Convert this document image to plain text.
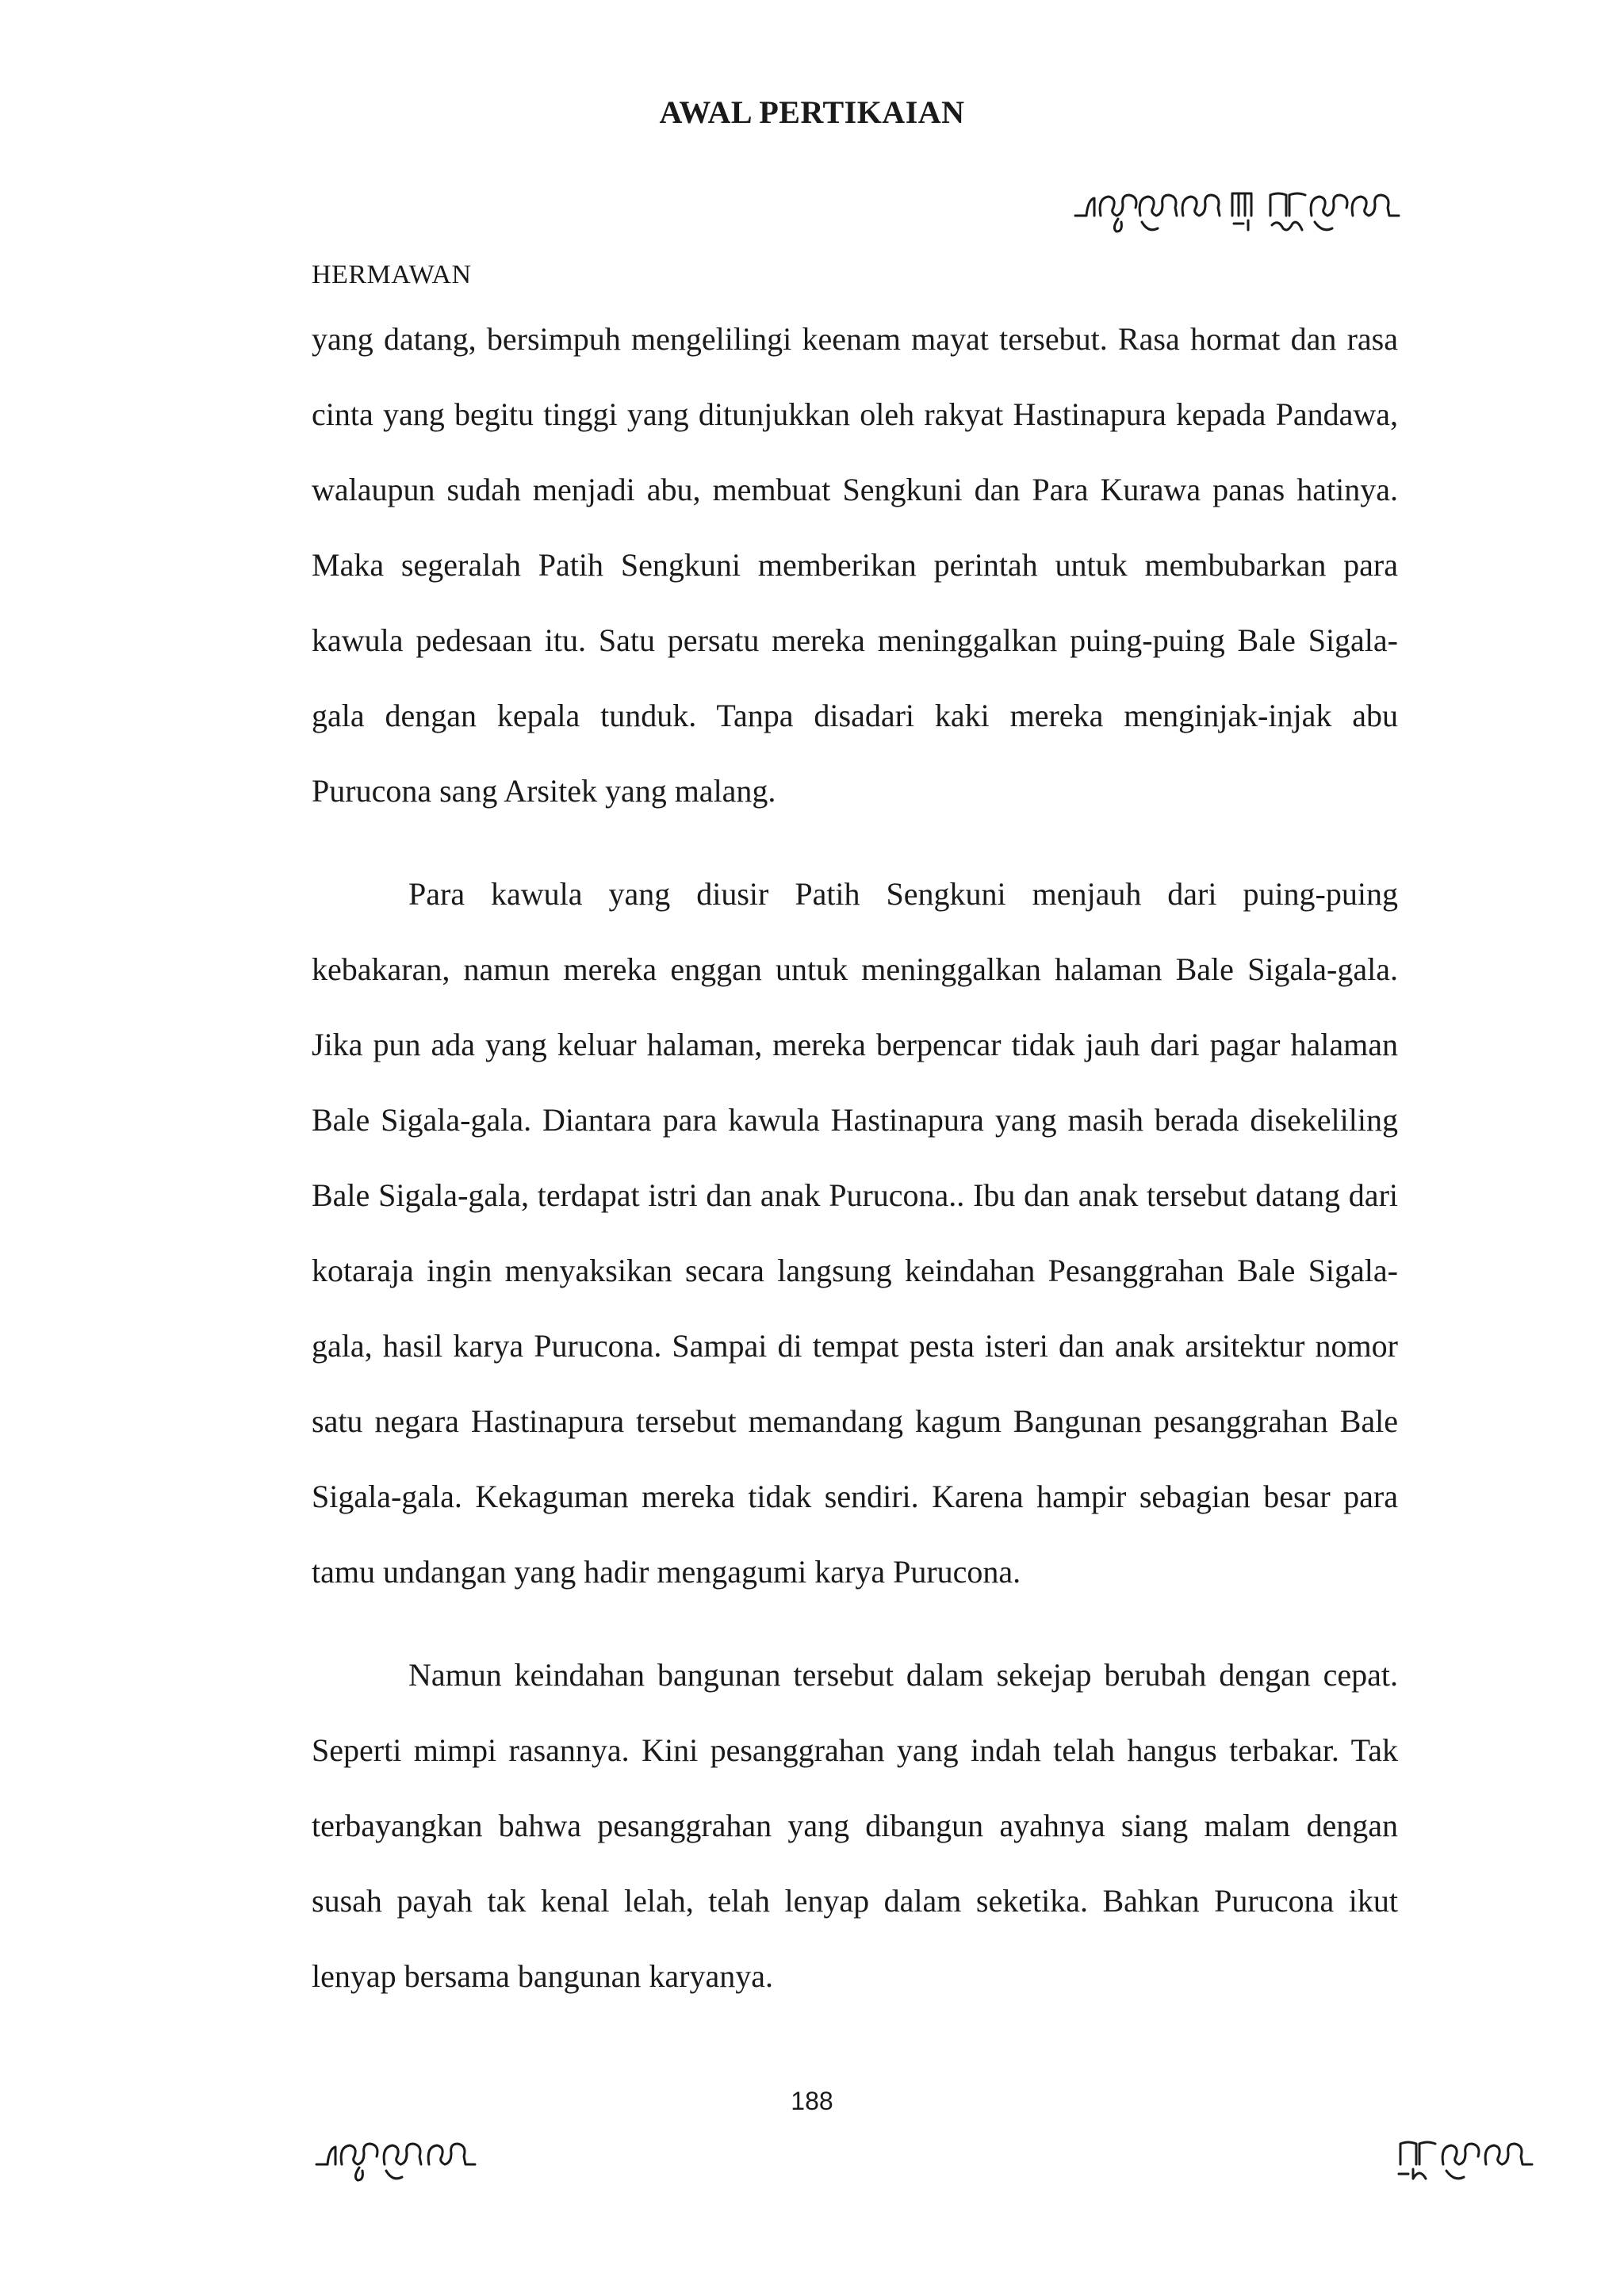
AWAL PERTIKAIAN
HERMAWAN

yang datang, bersimpuh mengelilingi keenam mayat tersebut. Rasa hormat dan rasa cinta yang begitu tinggi yang ditunjukkan oleh rakyat Hastinapura kepada Pandawa, walaupun sudah menjadi abu, membuat Sengkuni dan Para Kurawa panas hatinya. Maka segeralah Patih Sengkuni memberikan perintah untuk membubarkan para kawula pedesaan itu. Satu persatu mereka meninggalkan puing-puing Bale Sigala-gala dengan kepala tunduk. Tanpa disadari kaki mereka menginjak-injak abu Purucona sang Arsitek yang malang.

Para kawula yang diusir Patih Sengkuni menjauh dari puing-puing kebakaran, namun mereka enggan untuk meninggalkan halaman Bale Sigala-gala. Jika pun ada yang keluar halaman, mereka berpencar tidak jauh dari pagar halaman Bale Sigala-gala. Diantara para kawula Hastinapura yang masih berada disekeliling Bale Sigala-gala, terdapat istri dan anak Purucona.. Ibu dan anak tersebut datang dari kotaraja ingin menyaksikan secara langsung keindahan Pesanggrahan Bale Sigala-gala, hasil karya Purucona. Sampai di tempat pesta isteri dan anak arsitektur nomor satu negara Hastinapura tersebut memandang kagum Bangunan pesanggrahan Bale Sigala-gala. Kekaguman mereka tidak sendiri. Karena hampir sebagian besar para tamu undangan yang hadir mengagumi karya Purucona.

Namun keindahan bangunan tersebut dalam sekejap berubah dengan cepat. Seperti mimpi rasannya. Kini pesanggrahan yang indah telah hangus terbakar. Tak terbayangkan bahwa pesanggrahan yang dibangun ayahnya siang malam dengan susah payah tak kenal lelah, telah lenyap dalam seketika. Bahkan Purucona ikut lenyap bersama bangunan karyanya.

188
